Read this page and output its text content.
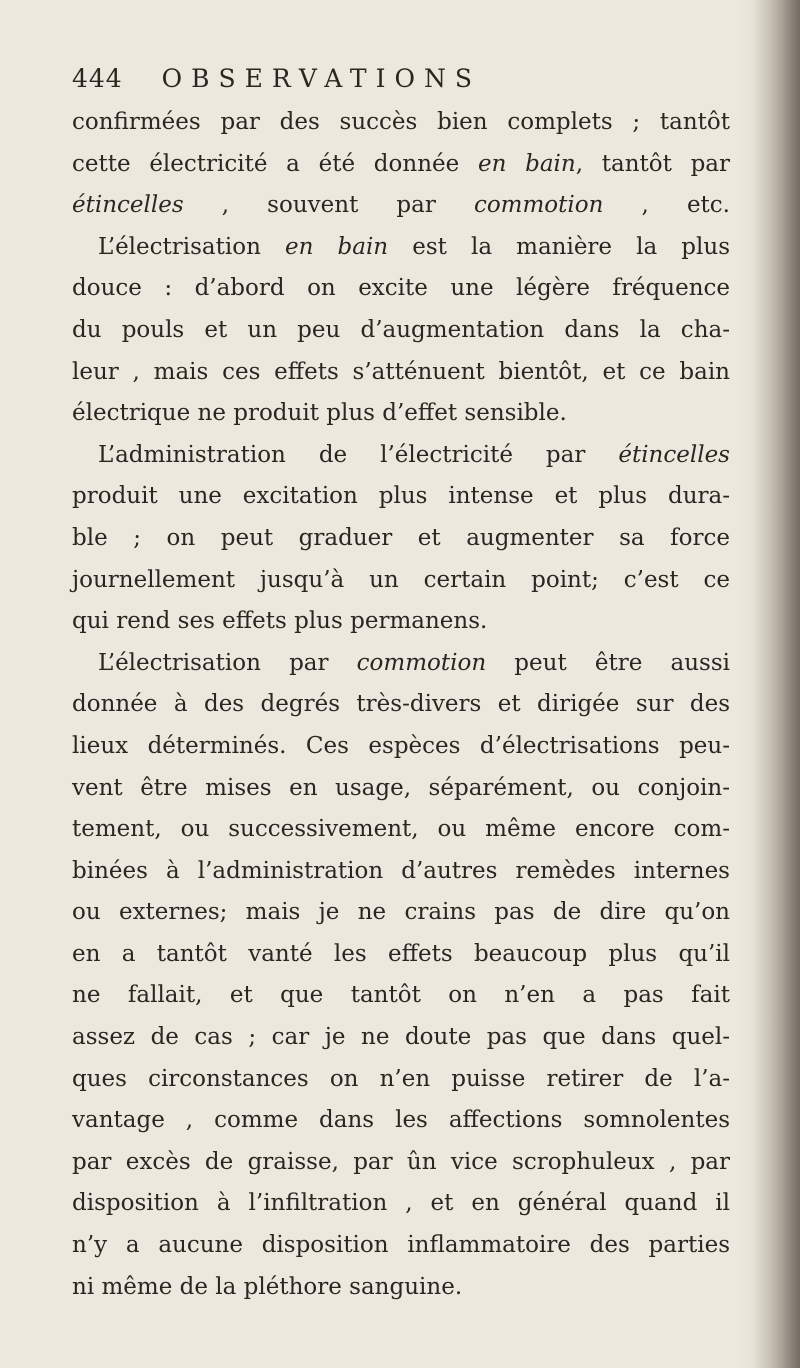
444 OBSERVATIONS
confirmées par des succès bien complets ; tantôt
cette électricité a été donnée en bain, tantôt par
étincelles , souvent par commotion , etc.
L’électrisation en bain est la manière la plus
douce : d’abord on excite une légère fréquence
du pouls et un peu d’augmentation dans la cha-
leur , mais ces effets s’atténuent bientôt, et ce bain
électrique ne produit plus d’effet sensible.
L’administration de l’électricité par étincelles
produit une excitation plus intense et plus dura-
ble ; on peut graduer et augmenter sa force
journellement jusqu’à un certain point; c’est ce
qui rend ses effets plus permanens.
L’électrisation par commotion peut être aussi
donnée à des degrés très-divers et dirigée sur des
lieux déterminés. Ces espèces d’électrisations peu-
vent être mises en usage, séparément, ou conjoin-
tement, ou successivement, ou même encore com-
binées à l’administration d’autres remèdes internes
ou externes; mais je ne crains pas de dire qu’on
en a tantôt vanté les effets beaucoup plus qu’il
ne fallait, et que tantôt on n’en a pas fait
assez de cas ; car je ne doute pas que dans quel-
ques circonstances on n’en puisse retirer de l’a-
vantage , comme dans les affections somnolentes
par excès de graisse, par ûn vice scrophuleux , par
disposition à l’infiltration , et en général quand il
n’y a aucune disposition inflammatoire des parties
ni même de la pléthore sanguine.
